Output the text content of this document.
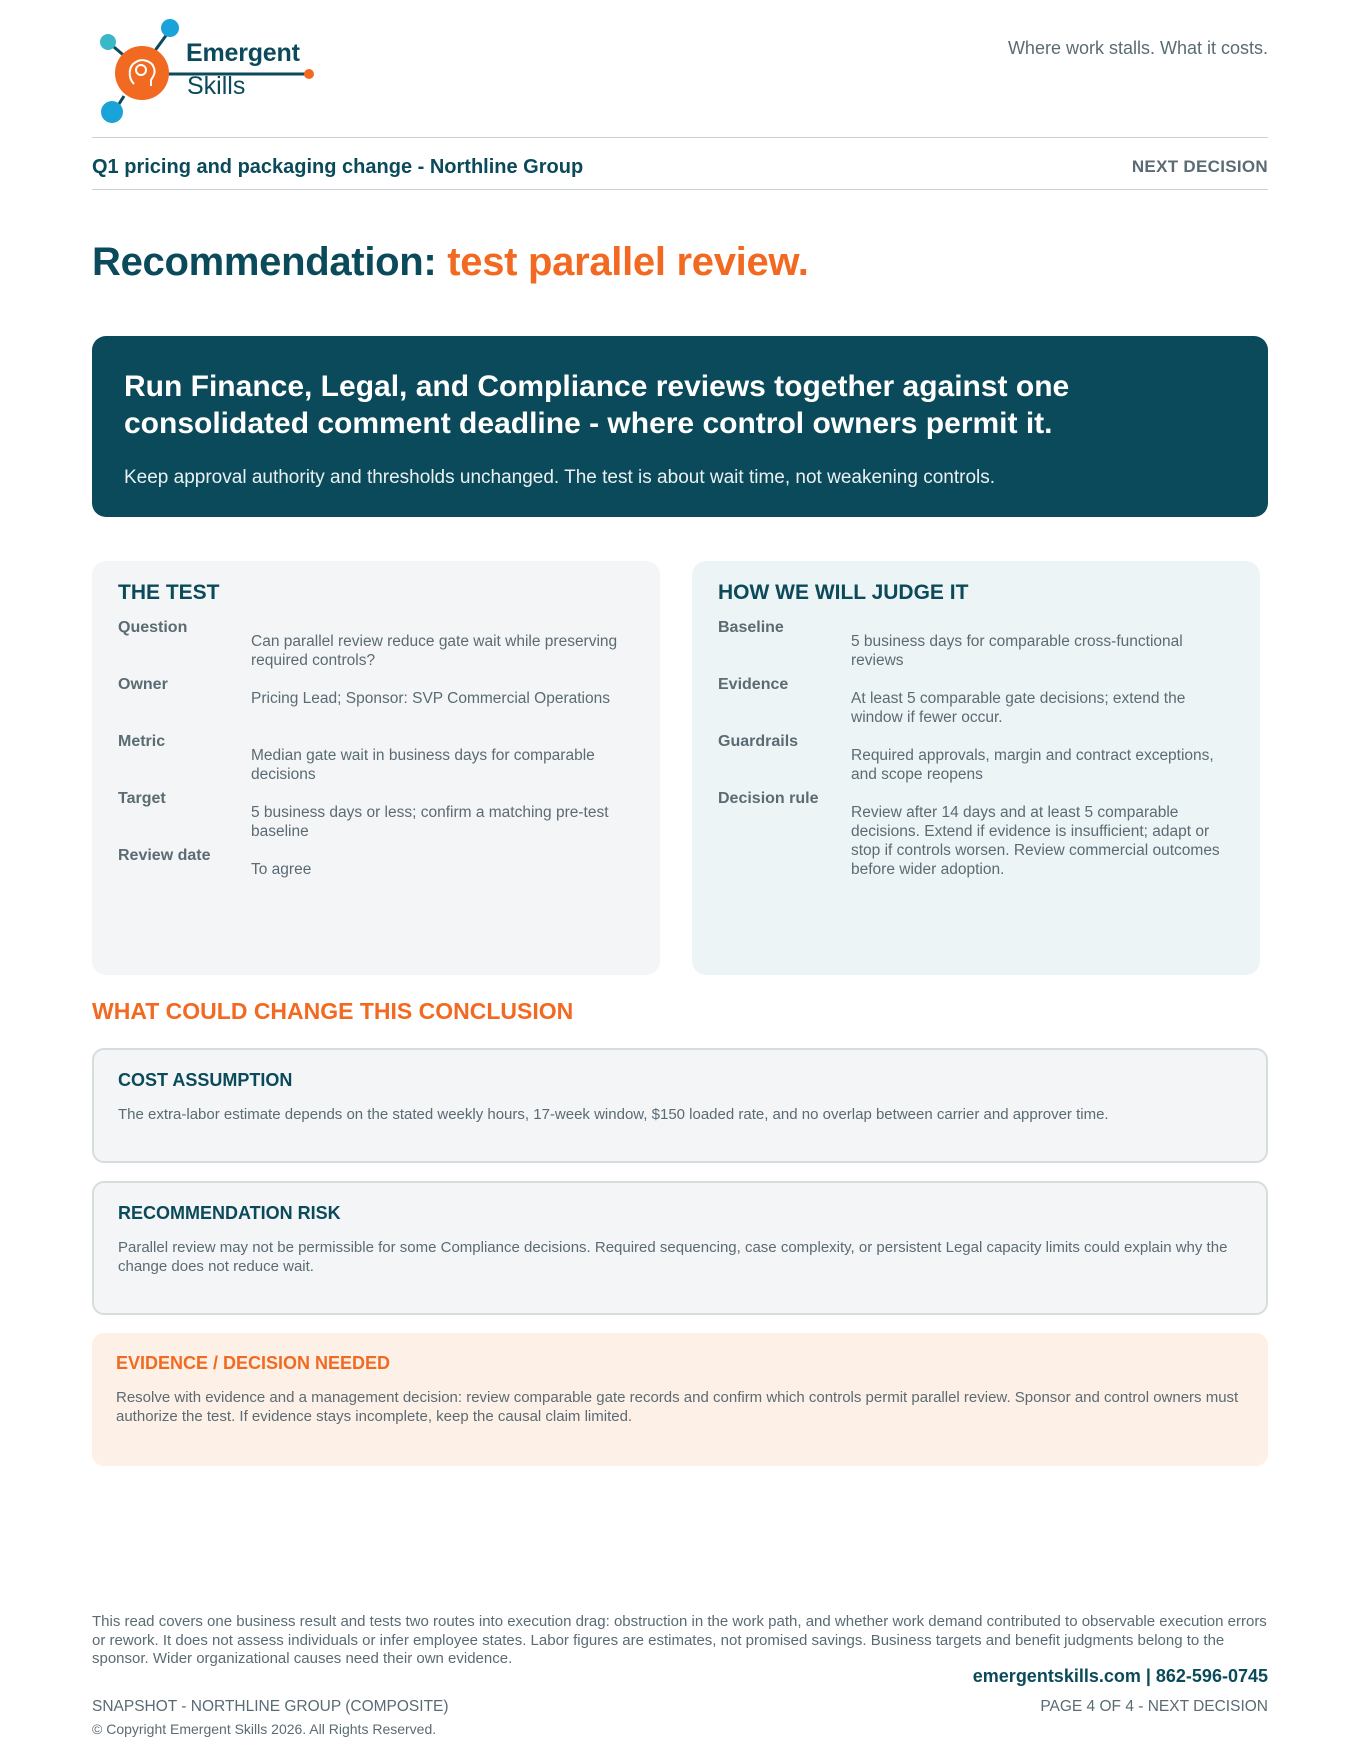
Emergent
Skills
Where work stalls. What it costs.
Q1 pricing and packaging change - Northline Group	NEXT DECISION
Recommendation: test parallel review.
Run Finance, Legal, and Compliance reviews together against one consolidated comment deadline - where control owners permit it.
Keep approval authority and thresholds unchanged. The test is about wait time, not weakening controls.
THE TEST
Question
Can parallel review reduce gate wait while preserving required controls?
Owner
Pricing Lead; Sponsor: SVP Commercial Operations
Metric
Median gate wait in business days for comparable decisions
Target
5 business days or less; confirm a matching pre-test baseline
Review date
To agree
HOW WE WILL JUDGE IT
Baseline
5 business days for comparable cross-functional reviews
Evidence
At least 5 comparable gate decisions; extend the window if fewer occur.
Guardrails
Required approvals, margin and contract exceptions, and scope reopens
Decision rule
Review after 14 days and at least 5 comparable decisions. Extend if evidence is insufficient; adapt or stop if controls worsen. Review commercial outcomes before wider adoption.
WHAT COULD CHANGE THIS CONCLUSION
COST ASSUMPTION
The extra-labor estimate depends on the stated weekly hours, 17-week window, $150 loaded rate, and no overlap between carrier and approver time.
RECOMMENDATION RISK
Parallel review may not be permissible for some Compliance decisions. Required sequencing, case complexity, or persistent Legal capacity limits could explain why the change does not reduce wait.
EVIDENCE / DECISION NEEDED
Resolve with evidence and a management decision: review comparable gate records and confirm which controls permit parallel review. Sponsor and control owners must authorize the test. If evidence stays incomplete, keep the causal claim limited.
This read covers one business result and tests two routes into execution drag: obstruction in the work path, and whether work demand contributed to observable execution errors or rework. It does not assess individuals or infer employee states. Labor figures are estimates, not promised savings. Business targets and benefit judgments belong to the sponsor. Wider organizational causes need their own evidence.
emergentskills.com | 862-596-0745
SNAPSHOT - NORTHLINE GROUP (COMPOSITE)	PAGE 4 OF 4 - NEXT DECISION
© Copyright Emergent Skills 2026. All Rights Reserved.
